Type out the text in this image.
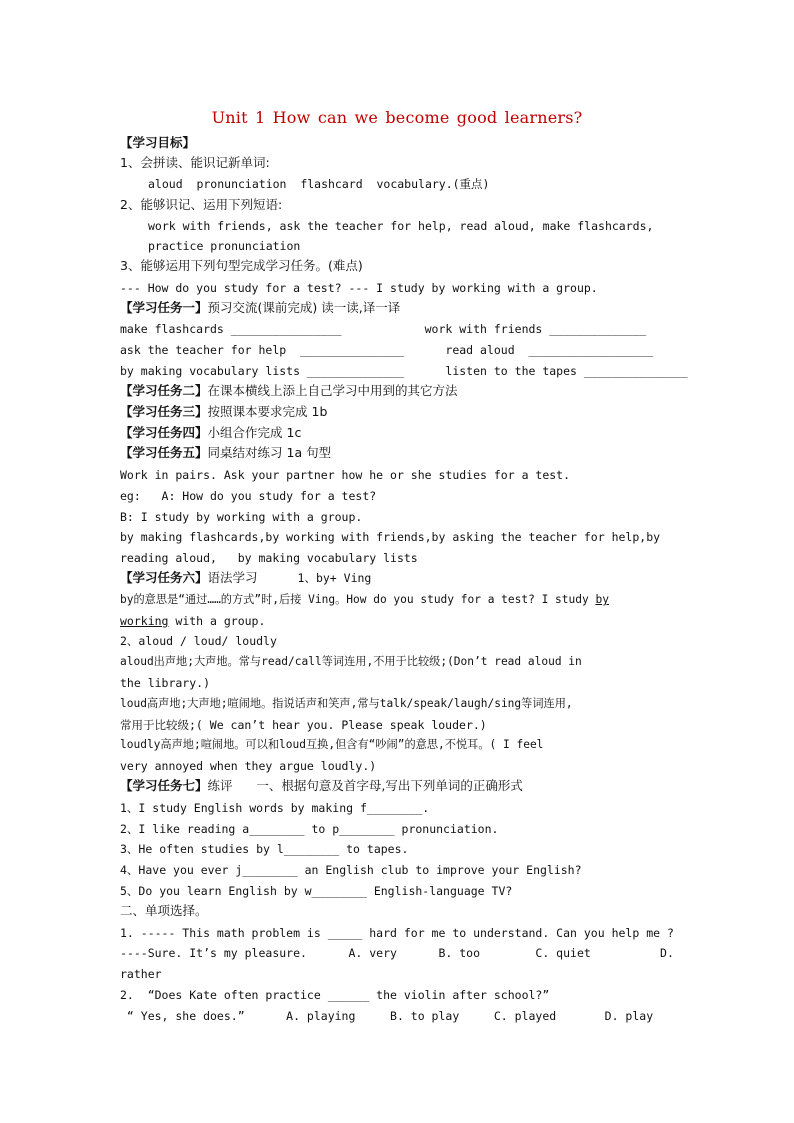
Unit 1 How can we become good learners?
【学习目标】
1、会拼读、能识记新单词:
aloud  pronunciation  flashcard  vocabulary.(重点)
2、能够识记、运用下列短语:
work with friends, ask the teacher for help, read aloud, make flashcards,
practice pronunciation
3、能够运用下列句型完成学习任务。(难点)
--- How do you study for a test? --- I study by working with a group.
【学习任务一】预习交流(课前完成) 读一读,译一译
make flashcards ________________            work with friends ______________
ask the teacher for help  _______________      read aloud  __________________
by making vocabulary lists ______________      listen to the tapes _______________
【学习任务二】在课本横线上添上自己学习中用到的其它方法
【学习任务三】按照课本要求完成 1b
【学习任务四】小组合作完成 1c
【学习任务五】同桌结对练习 1a 句型
Work in pairs. Ask your partner how he or she studies for a test.
eg:   A: How do you study for a test?
B: I study by working with a group.
by making flashcards,by working with friends,by asking the teacher for help,by
reading aloud,   by making vocabulary lists
【学习任务六】语法学习	1、by+ Ving
by的意思是“通过……的方式”时,后接 Ving。How do you study for a test? I study by
working with a group.
2、aloud / loud/ loudly
aloud出声地;大声地。常与read/call等词连用,不用于比较级;(Don’t read aloud in
the library.)
loud高声地;大声地;喧闹地。指说话声和笑声,常与talk/speak/laugh/sing等词连用,
常用于比较级;( We can’t hear you. Please speak louder.)
loudly高声地;喧闹地。可以和loud互换,但含有“吵闹”的意思,不悦耳。( I feel
very annoyed when they argue loudly.)
【学习任务七】练评      一、根据句意及首字母,写出下列单词的正确形式
1、I study English words by making f________.
2、I like reading a________ to p________ pronunciation.
3、He often studies by l________ to tapes.
4、Have you ever j________ an English club to improve your English?
5、Do you learn English by w________ English-language TV?
二、单项选择。
1. ----- This math problem is _____ hard for me to understand. Can you help me ?
----Sure. It’s my pleasure.      A. very      B. too        C. quiet          D.
rather
2.  “Does Kate often practice ______ the violin after school?”
“ Yes, she does.”      A. playing     B. to play     C. played       D. play
